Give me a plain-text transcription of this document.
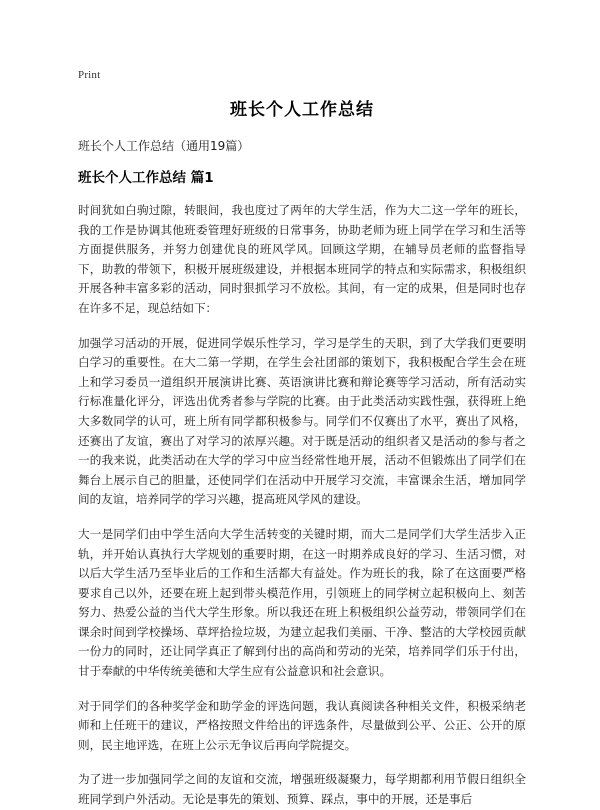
Print
班长个人工作总结
班长个人工作总结（通用19篇）
班长个人工作总结 篇1

时间犹如白驹过隙，转眼间，我也度过了两年的大学生活，作为大二这一学年的班长，我的工作是协调其他班委管理好班级的日常事务，协助老师为班上同学在学习和生活等方面提供服务，并努力创建优良的班风学风。回顾这学期，在辅导员老师的监督指导下，助教的带领下，积极开展班级建设，并根据本班同学的特点和实际需求，积极组织开展各种丰富多彩的活动，同时狠抓学习不放松。其间，有一定的成果，但是同时也存在许多不足，现总结如下：

加强学习活动的开展，促进同学娱乐性学习，学习是学生的天职，到了大学我们更要明白学习的重要性。在大二第一学期，在学生会社团部的策划下，我积极配合学生会在班上和学习委员一道组织开展演讲比赛、英语演讲比赛和辩论赛等学习活动，所有活动实行标准量化评分，评选出优秀者参与学院的比赛。由于此类活动实践性强，获得班上绝大多数同学的认可，班上所有同学都积极参与。同学们不仅赛出了水平，赛出了风格，还赛出了友谊，赛出了对学习的浓厚兴趣。对于既是活动的组织者又是活动的参与者之一的我来说，此类活动在大学的学习中应当经常性地开展，活动不但锻炼出了同学们在舞台上展示自己的胆量，还使同学们在活动中开展学习交流，丰富课余生活，增加同学间的友谊，培养同学的学习兴趣，提高班风学风的建设。

大一是同学们由中学生活向大学生活转变的关键时期，而大二是同学们大学生活步入正轨，并开始认真执行大学规划的重要时期，在这一时期养成良好的学习、生活习惯，对以后大学生活乃至毕业后的工作和生活都大有益处。作为班长的我，除了在这面要严格要求自己以外，还要在班上起到带头模范作用，引领班上的同学树立起积极向上、刻苦努力、热爱公益的当代大学生形象。所以我还在班上积极组织公益劳动，带领同学们在课余时间到学校操场、草坪拾捡垃圾，为建立起我们美丽、干净、整洁的大学校园贡献一份力的同时，还让同学真正了解到付出的高尚和劳动的光荣，培养同学们乐于付出，甘于奉献的中华传统美德和大学生应有公益意识和社会意识。

对于同学们的各种奖学金和助学金的评选问题，我认真阅读各种相关文件，积极采纳老师和上任班干的建议，严格按照文件给出的评选条件，尽量做到公平、公正、公开的原则，民主地评选，在班上公示无争议后再向学院提交。

为了进一步加强同学之间的友谊和交流，增强班级凝聚力，每学期都利用节假日组织全班同学到户外活动。无论是事先的策划、预算、踩点，事中的开展，还是事后
